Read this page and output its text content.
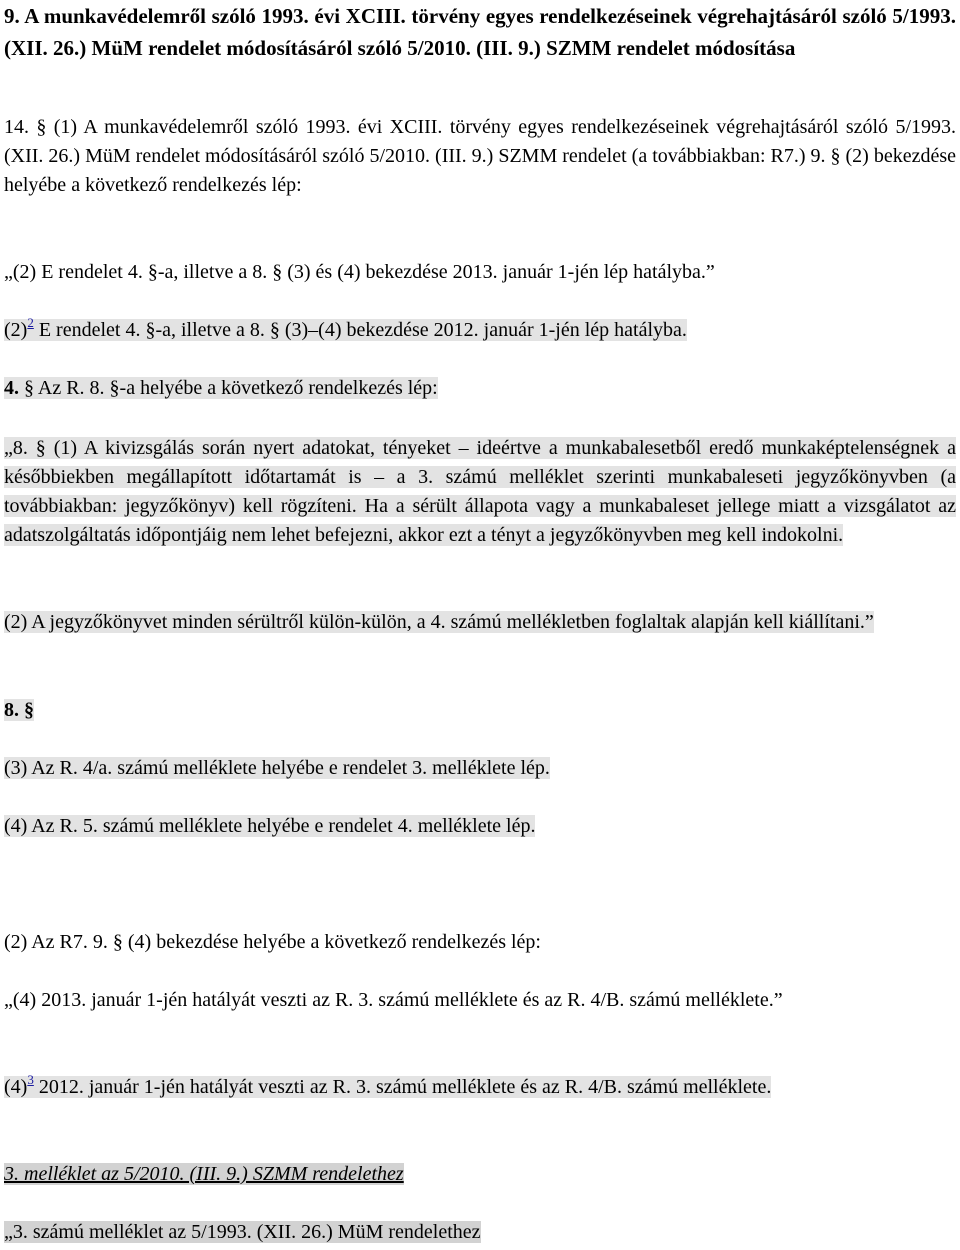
9. A munkavédelemről szóló 1993. évi XCIII. törvény egyes rendelkezéseinek végrehajtásáról szóló 5/1993. (XII. 26.) MüM rendelet módosításáról szóló 5/2010. (III. 9.) SZMM rendelet módosítása

14. § (1) A munkavédelemről szóló 1993. évi XCIII. törvény egyes rendelkezéseinek végrehajtásáról szóló 5/1993. (XII. 26.) MüM rendelet módosításáról szóló 5/2010. (III. 9.) SZMM rendelet (a továbbiakban: R7.) 9. § (2) bekezdése helyébe a következő rendelkezés lép:

„(2) E rendelet 4. §-a, illetve a 8. § (3) és (4) bekezdése 2013. január 1-jén lép hatályba.”

(2)$^2$ E rendelet 4. §-a, illetve a 8. § (3)–(4) bekezdése 2012. január 1-jén lép hatályba.

4. § Az R. 8. §-a helyébe a következő rendelkezés lép:

„8. § (1) A kivizsgálás során nyert adatokat, tényeket – ideértve a munkabalesetből eredő munkaképtelenségnek a későbbiekben megállapított időtartamát is – a 3. számú melléklet szerinti munkabaleseti jegyzőkönyvben (a továbbiakban: jegyzőkönyv) kell rögzíteni. Ha a sérült állapota vagy a munkabaleset jellege miatt a vizsgálatot az adatszolgáltatás időpontjáig nem lehet befejezni, akkor ezt a tényt a jegyzőkönyvben meg kell indokolni.

(2) A jegyzőkönyvet minden sérültről külön-külön, a 4. számú mellékletben foglaltak alapján kell kiállítani.”

8. §

(3) Az R. 4/a. számú melléklete helyébe e rendelet 3. melléklete lép.

(4) Az R. 5. számú melléklete helyébe e rendelet 4. melléklete lép.

(2) Az R7. 9. § (4) bekezdése helyébe a következő rendelkezés lép:

„(4) 2013. január 1-jén hatályát veszti az R. 3. számú melléklete és az R. 4/B. számú melléklete.”

(4)$^3$ 2012. január 1-jén hatályát veszti az R. 3. számú melléklete és az R. 4/B. számú melléklete.

3. melléklet az 5/2010. (III. 9.) SZMM rendelethez

„3. számú melléklet az 5/1993. (XII. 26.) MüM rendelethez
